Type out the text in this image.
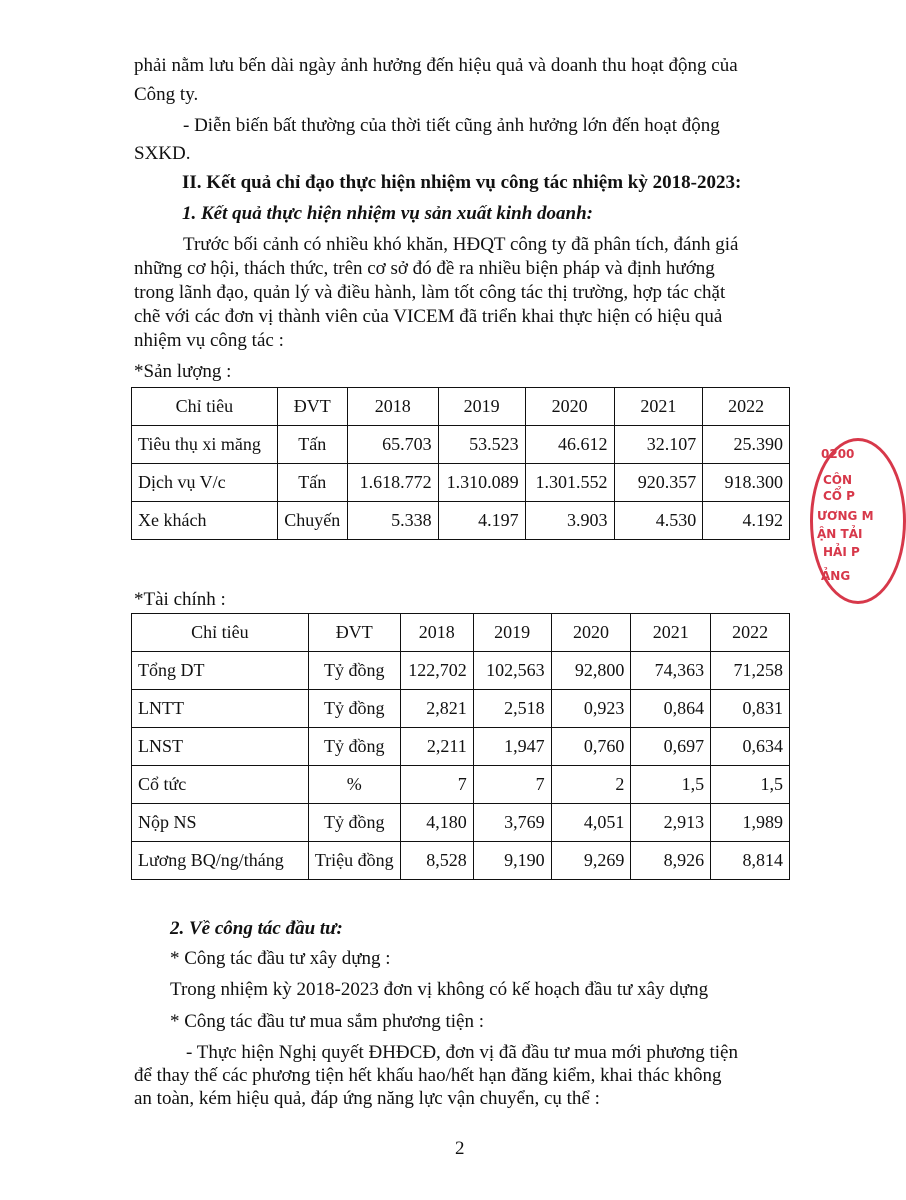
phải nằm lưu bến dài ngày ảnh hưởng đến hiệu quả và doanh thu hoạt động của
Công ty.
- Diễn biến bất thường của thời tiết cũng ảnh hưởng lớn đến hoạt động
SXKD.
II. Kết quả chỉ đạo thực hiện nhiệm vụ công tác nhiệm kỳ 2018-2023:
1. Kết quả thực hiện nhiệm vụ sản xuất kinh doanh:
Trước bối cảnh có nhiều khó khăn, HĐQT công ty đã phân tích, đánh giá
những cơ hội, thách thức, trên cơ sở đó đề ra nhiều biện pháp và định hướng
trong lãnh đạo, quản lý và điều hành, làm tốt công tác thị trường, hợp tác chặt
chẽ với các đơn vị thành viên của VICEM đã triển khai thực hiện có hiệu quả
nhiệm vụ công tác :
*Sản lượng :
Chỉ tiêu	ĐVT	2018	2019	2020	2021	2022
Tiêu thụ xi măng	Tấn	65.703	53.523	46.612	32.107	25.390
Dịch vụ V/c	Tấn	1.618.772	1.310.089	1.301.552	920.357	918.300
Xe khách	Chuyến	5.338	4.197	3.903	4.530	4.192
0200
CÔN
CỔ P
ƯƠNG M
ẬN TẢI
HẢI P
ẢNG
*Tài chính :
Chỉ tiêu	ĐVT	2018	2019	2020	2021	2022
Tổng DT	Tỷ đồng	122,702	102,563	92,800	74,363	71,258
LNTT	Tỷ đồng	2,821	2,518	0,923	0,864	0,831
LNST	Tỷ đồng	2,211	1,947	0,760	0,697	0,634
Cổ tức	%	7	7	2	1,5	1,5
Nộp NS	Tỷ đồng	4,180	3,769	4,051	2,913	1,989
Lương BQ/ng/tháng	Triệu đồng	8,528	9,190	9,269	8,926	8,814
2. Về công tác đầu tư:
* Công tác đầu tư xây dựng :
Trong nhiệm kỳ 2018-2023 đơn vị không có kế hoạch đầu tư xây dựng
* Công tác đầu tư mua sắm phương tiện :
- Thực hiện Nghị quyết ĐHĐCĐ, đơn vị đã đầu tư mua mới phương tiện
để thay thế các phương tiện hết khấu hao/hết hạn đăng kiểm, khai thác không
an toàn, kém hiệu quả, đáp ứng năng lực vận chuyển, cụ thể :
2
